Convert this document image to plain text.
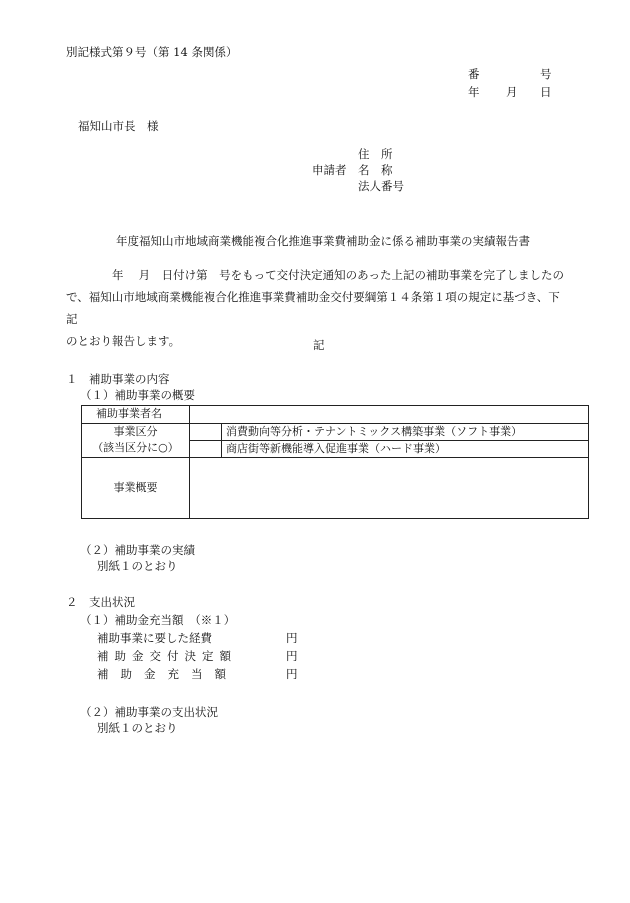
別記様式第９号（第 14 条関係）
番	号
年 月 日
福知山市長　様
住　所
申請者 名　称
法人番号
年度福知山市地域商業機能複合化推進事業費補助金に係る補助事業の実績報告書
　　　　年　 月　日付け第　号をもって交付決定通知のあった上記の補助事業を完了しましたの
で、福知山市地域商業機能複合化推進事業費補助金交付要綱第１４条第１項の規定に基づき、下記
のとおり報告します。	記
１　補助事業の内容
（１）補助事業の概要
補助事業者名		
事業区分		消費動向等分析・テナントミックス構築事業（ソフト事業）
（該当区分に○）		商店街等新機能導入促進事業（ハード事業）
事業概要		
（２）補助事業の実績
別紙１のとおり
２　支出状況
（１）補助金充当額　（※１）
補助事業に要した経費	円
補助金交付決定額	円
補助金充当額	円
（２）補助事業の支出状況
別紙１のとおり
